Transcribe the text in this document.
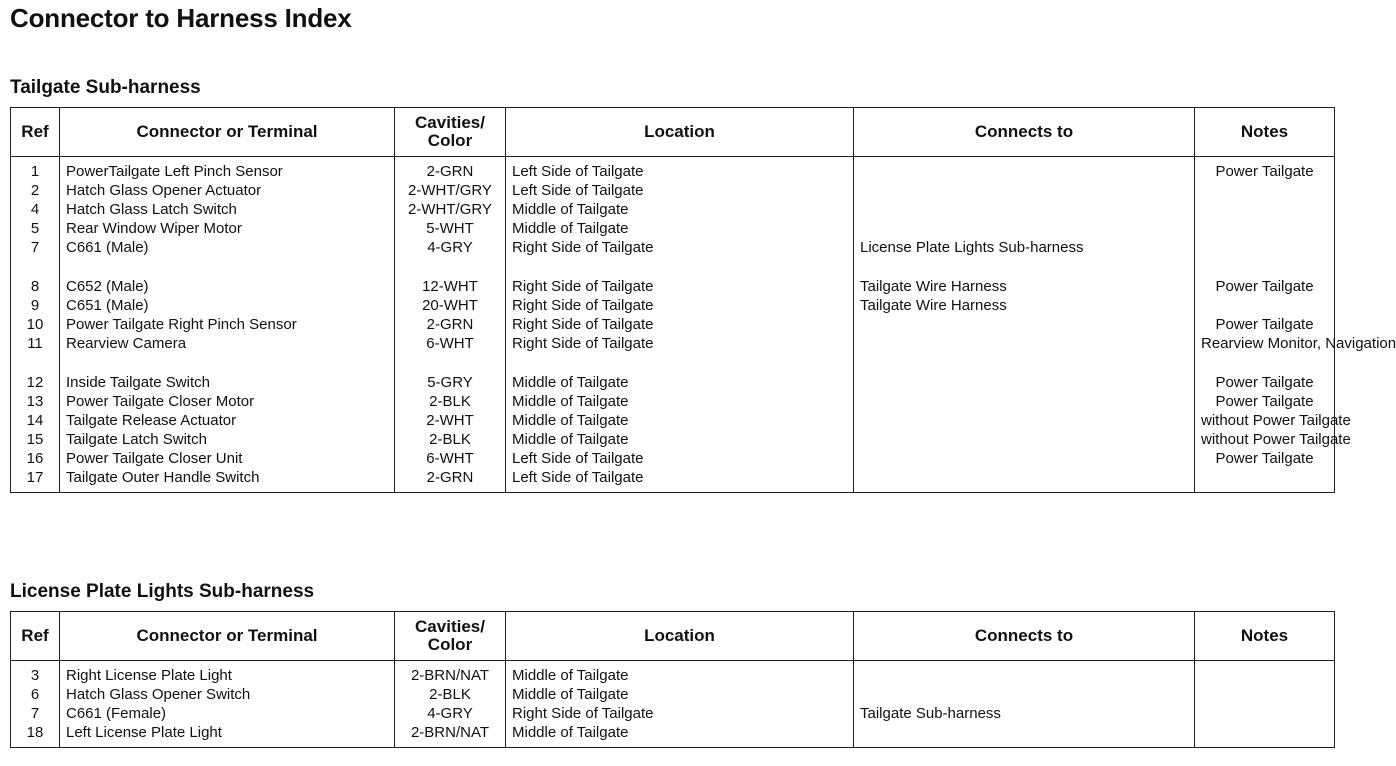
Connector to Harness Index
Tailgate Sub-harness
Ref	Connector or Terminal	Cavities/
Color	Location	Connects to	Notes
1	PowerTailgate Left Pinch Sensor	2-GRN	Left Side of Tailgate		Power Tailgate
2	Hatch Glass Opener Actuator	2-WHT/GRY	Left Side of Tailgate		
4	Hatch Glass Latch Switch	2-WHT/GRY	Middle of Tailgate		
5	Rear Window Wiper Motor	5-WHT	Middle of Tailgate		
7	C661 (Male)	4-GRY	Right Side of Tailgate	License Plate Lights Sub-harness	
8	C652 (Male)	12-WHT	Right Side of Tailgate	Tailgate Wire Harness	Power Tailgate
9	C651 (Male)	20-WHT	Right Side of Tailgate	Tailgate Wire Harness	
10	Power Tailgate Right Pinch Sensor	2-GRN	Right Side of Tailgate		Power Tailgate
11	Rearview Camera	6-WHT	Right Side of Tailgate		Rearview Monitor, Navigation
12	Inside Tailgate Switch	5-GRY	Middle of Tailgate		Power Tailgate
13	Power Tailgate Closer Motor	2-BLK	Middle of Tailgate		Power Tailgate
14	Tailgate Release Actuator	2-WHT	Middle of Tailgate		without Power Tailgate
15	Tailgate Latch Switch	2-BLK	Middle of Tailgate		without Power Tailgate
16	Power Tailgate Closer Unit	6-WHT	Left Side of Tailgate		Power Tailgate
17	Tailgate Outer Handle Switch	2-GRN	Left Side of Tailgate		
License Plate Lights Sub-harness
Ref	Connector or Terminal	Cavities/
Color	Location	Connects to	Notes
3	Right License Plate Light	2-BRN/NAT	Middle of Tailgate		
6	Hatch Glass Opener Switch	2-BLK	Middle of Tailgate		
7	C661 (Female)	4-GRY	Right Side of Tailgate	Tailgate Sub-harness	
18	Left License Plate Light	2-BRN/NAT	Middle of Tailgate		
